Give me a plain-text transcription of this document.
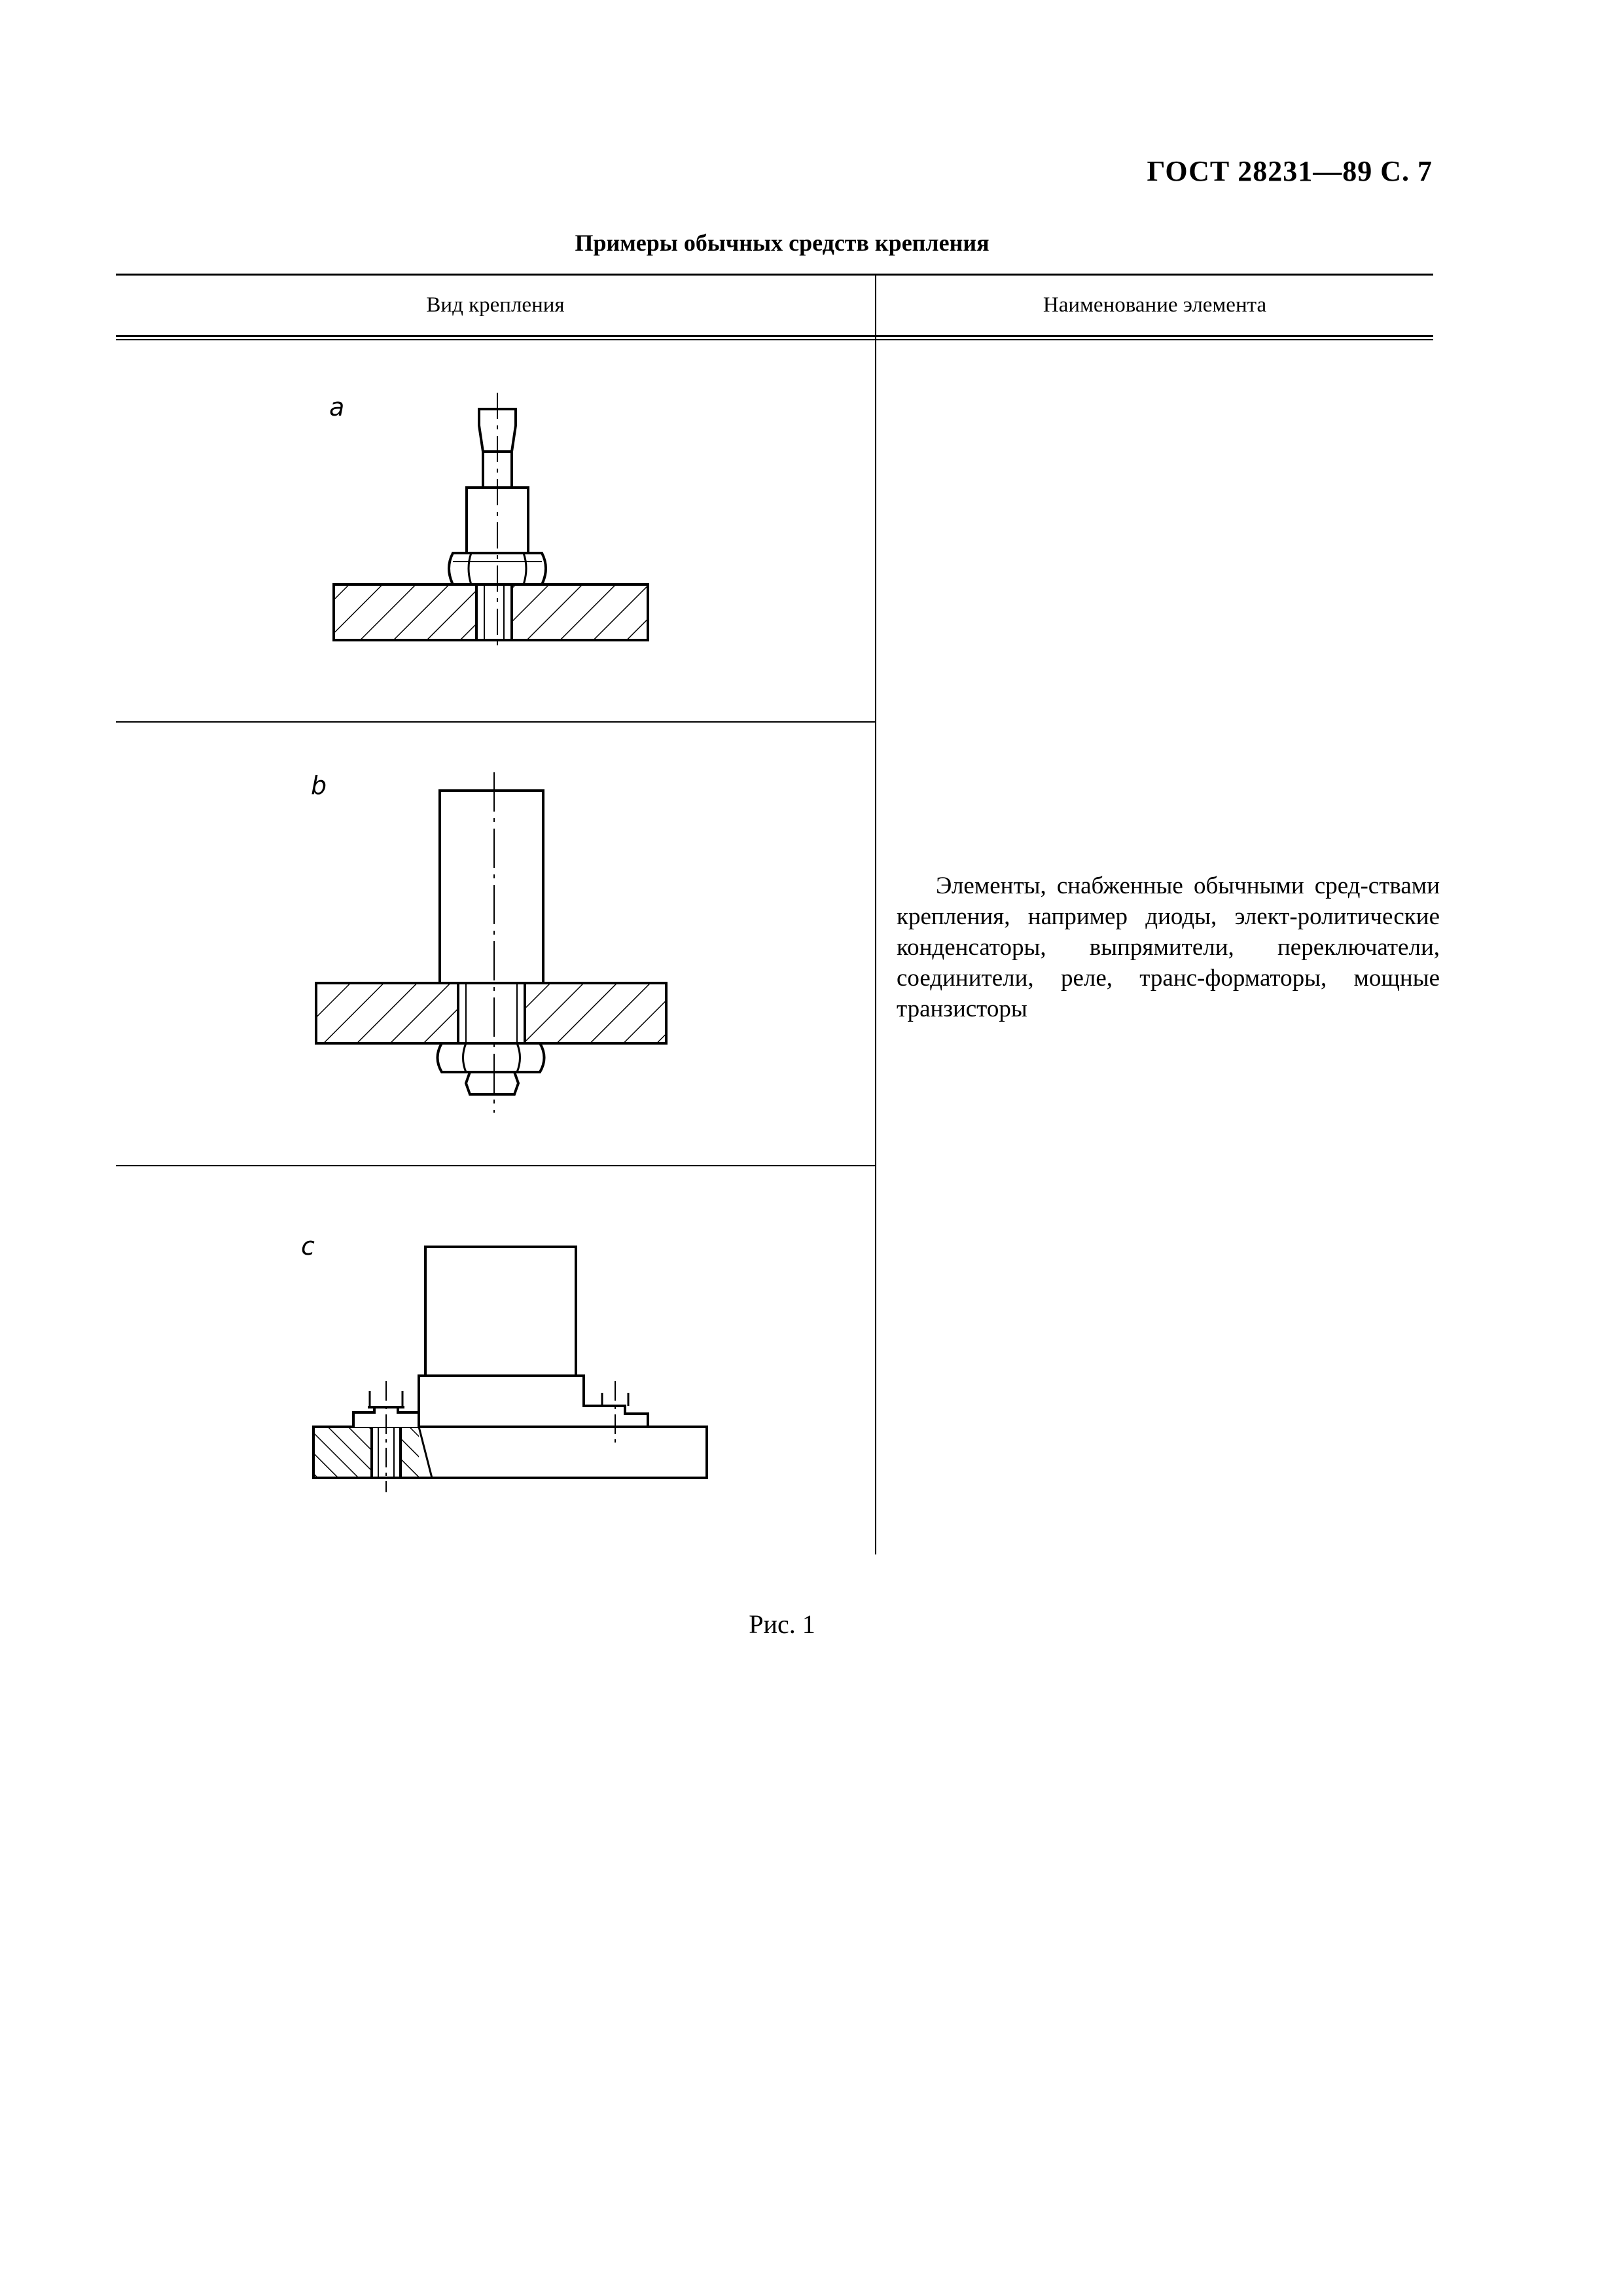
ГОСТ 28231—89 С. 7
Примеры обычных средств крепления
Вид крепления	Наименование элемента

Элементы, снабженные обычными сред-ствами крепления, например диоды, элект-ролитические конденсаторы, выпрямители, переключатели, соединители, реле, транс-форматоры, мощные транзисторы

a
b
c
Рис. 1
